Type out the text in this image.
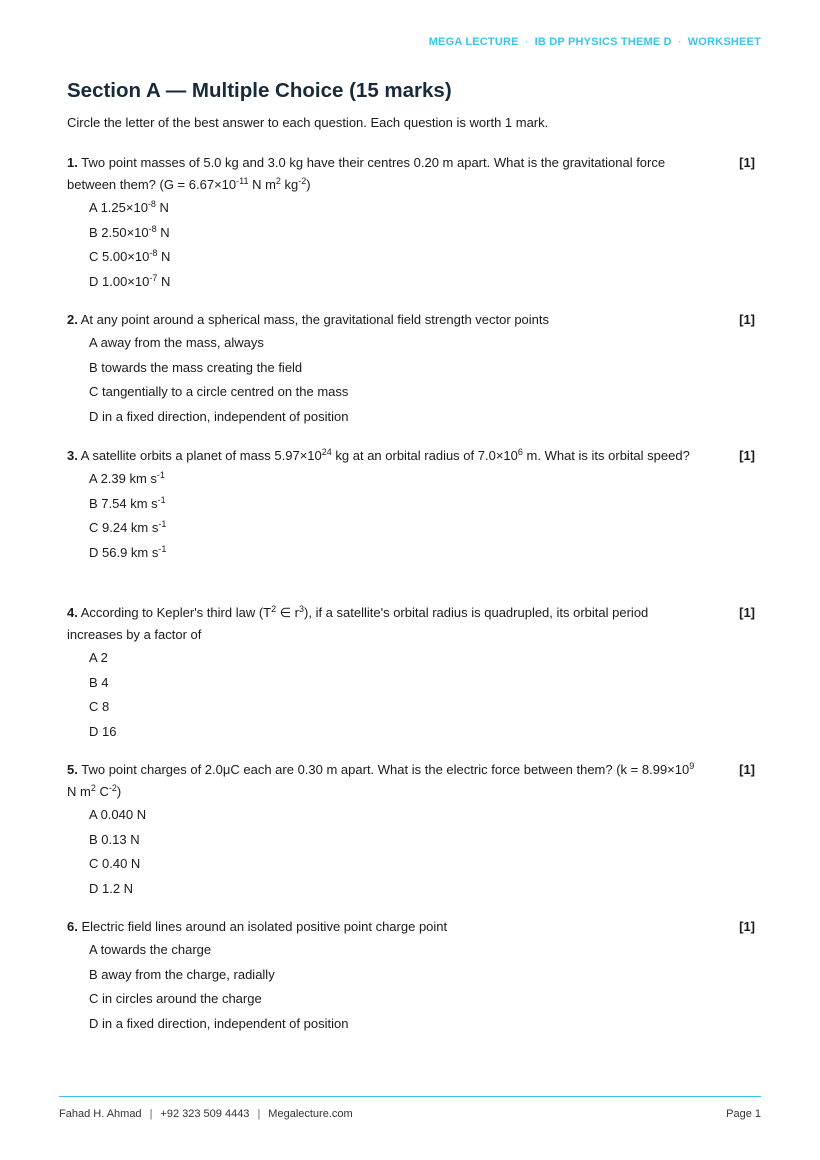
MEGA LECTURE · IB DP PHYSICS THEME D · WORKSHEET
Section A — Multiple Choice (15 marks)
Circle the letter of the best answer to each question. Each question is worth 1 mark.
1. Two point masses of 5.0 kg and 3.0 kg have their centres 0.20 m apart. What is the gravitational force between them? ($G = 6.67\times 10^{-11}$ N $m^2$ $kg^{-2}$)
[1]
A $1.25\times 10^{-8}$ N
B $2.50\times 10^{-8}$ N
C $5.00\times 10^{-8}$ N
D $1.00\times 10^{-7}$ N
2. At any point around a spherical mass, the gravitational field strength vector points	[1]
A away from the mass, always
B towards the mass creating the field
C tangentially to a circle centred on the mass
D in a fixed direction, independent of position
3. A satellite orbits a planet of mass $5.97\times 10^{24}$ kg at an orbital radius of $7.0\times 10^6$ m. What is its orbital speed?	[1]
A 2.39 km $s^{-1}$
B 7.54 km $s^{-1}$
C 9.24 km $s^{-1}$
D 56.9 km $s^{-1}$
4. According to Kepler's third law ($T^2$ ∈ $r^3$), if a satellite's orbital radius is quadrupled, its orbital period increases by a factor of
[1]
A 2
B 4
C 8
D 16
5. Two point charges of 2.0μC each are 0.30 m apart. What is the electric force between them? ($k = 8.99\times 10^9$ N $m^2$ $C^{-2}$)
[1]
A 0.040 N
B 0.13 N
C 0.40 N
D 1.2 N
6. Electric field lines around an isolated positive point charge point	[1]
A towards the charge
B away from the charge, radially
C in circles around the charge
D in a fixed direction, independent of position
Fahad H. Ahmad | +92 323 509 4443 | Megalecture.com	Page 1
